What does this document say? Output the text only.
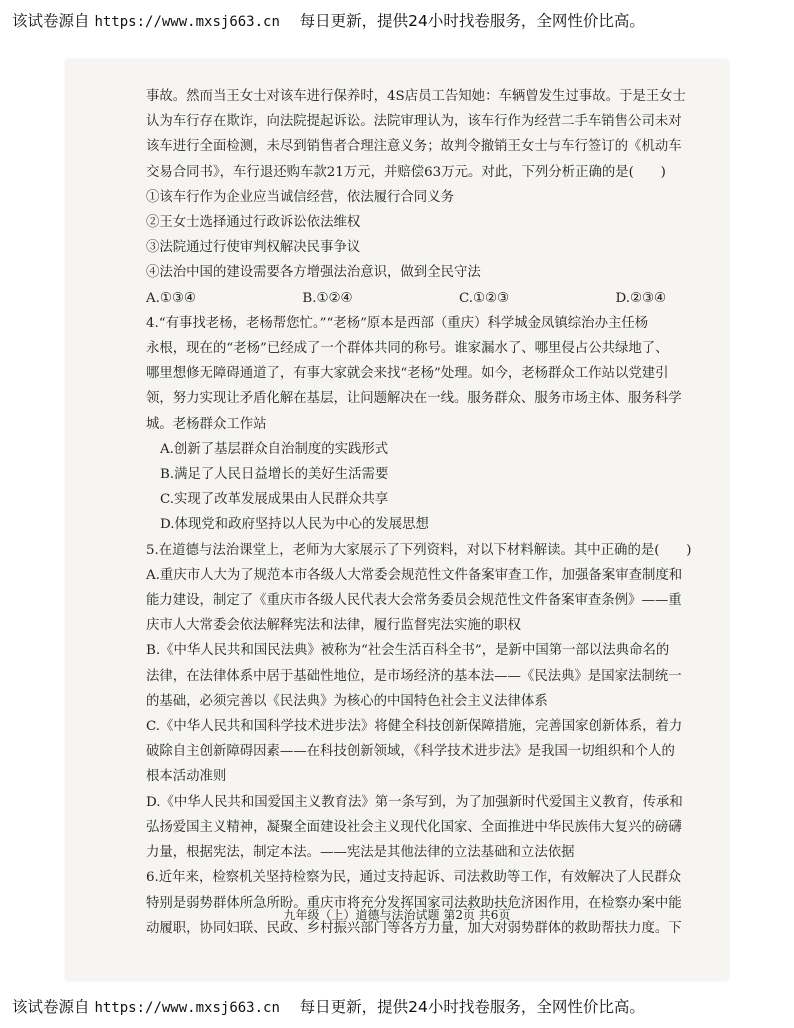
该试卷源自 https://www.mxsj663.cn 每日更新，提供24小时找卷服务，全网性价比高。

事故。然而当王女士对该车进行保养时，4S店员工告知她：车辆曾发生过事故。于是王女士

认为车行存在欺诈，向法院提起诉讼。法院审理认为，该车行作为经营二手车销售公司未对

该车进行全面检测，未尽到销售者合理注意义务；故判令撤销王女士与车行签订的《机动车

交易合同书》，车行退还购车款21万元，并赔偿63万元。对此，下列分析正确的是(　　)

①该车行作为企业应当诚信经营，依法履行合同义务

②王女士选择通过行政诉讼依法维权

③法院通过行使审判权解决民事争议

④法治中国的建设需要各方增强法治意识，做到全民守法

A.①③④	B.①②④	C.①②③	D.②③④

4.“有事找老杨，老杨帮您忙。”“老杨”原本是西部（重庆）科学城金凤镇综治办主任杨

永根，现在的“老杨”已经成了一个群体共同的称号。谁家漏水了、哪里侵占公共绿地了、

哪里想修无障碍通道了，有事大家就会来找“老杨”处理。如今，老杨群众工作站以党建引

领，努力实现让矛盾化解在基层，让问题解决在一线。服务群众、服务市场主体、服务科学

城。老杨群众工作站

A.创新了基层群众自治制度的实践形式

B.满足了人民日益增长的美好生活需要

C.实现了改革发展成果由人民群众共享

D.体现党和政府坚持以人民为中心的发展思想

5.在道德与法治课堂上，老师为大家展示了下列资料，对以下材料解读。其中正确的是(　　)

A.重庆市人大为了规范本市各级人大常委会规范性文件备案审查工作，加强备案审查制度和

能力建设，制定了《重庆市各级人民代表大会常务委员会规范性文件备案审查条例》——重

庆市人大常委会依法解释宪法和法律，履行监督宪法实施的职权

B.《中华人民共和国民法典》被称为“社会生活百科全书”，是新中国第一部以法典命名的

法律，在法律体系中居于基础性地位，是市场经济的基本法——《民法典》是国家法制统一

的基础，必须完善以《民法典》为核心的中国特色社会主义法律体系

C.《中华人民共和国科学技术进步法》将健全科技创新保障措施，完善国家创新体系，着力

破除自主创新障碍因素——在科技创新领域，《科学技术进步法》是我国一切组织和个人的

根本活动准则

D.《中华人民共和国爱国主义教育法》第一条写到，为了加强新时代爱国主义教育，传承和

弘扬爱国主义精神，凝聚全面建设社会主义现代化国家、全面推进中华民族伟大复兴的磅礴

力量，根据宪法，制定本法。——宪法是其他法律的立法基础和立法依据

6.近年来，检察机关坚持检察为民，通过支持起诉、司法救助等工作，有效解决了人民群众

特别是弱势群体所急所盼。重庆市将充分发挥国家司法救助扶危济困作用，在检察办案中能

动履职，协同妇联、民政、乡村振兴部门等各方力量，加大对弱势群体的救助帮扶力度。下

九年级（上）道德与法治试题 第2页 共6页
该试卷源自 https://www.mxsj663.cn 每日更新，提供24小时找卷服务，全网性价比高。
